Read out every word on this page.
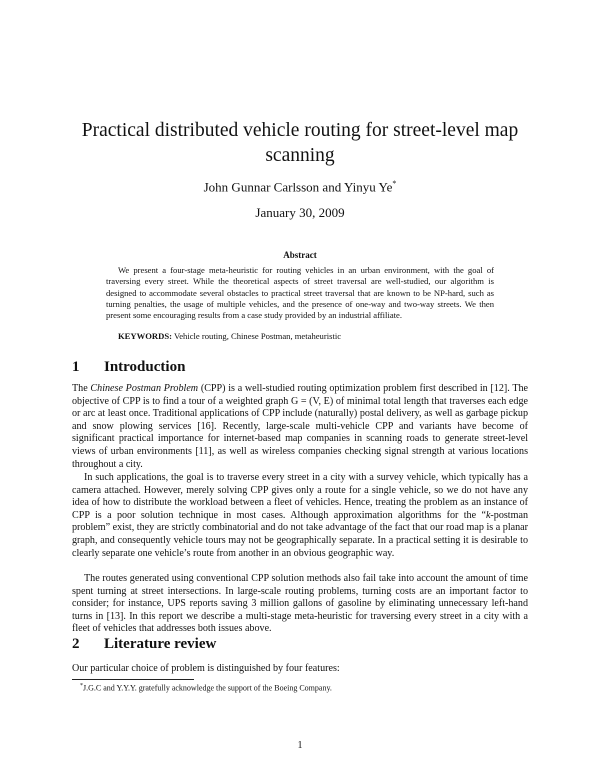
Practical distributed vehicle routing for street-level map scanning
John Gunnar Carlsson and Yinyu Ye*
January 30, 2009
Abstract

We present a four-stage meta-heuristic for routing vehicles in an urban environment, with the goal of traversing every street. While the theoretical aspects of street traversal are well-studied, our algorithm is designed to accommodate several obstacles to practical street traversal that are known to be NP-hard, such as turning penalties, the usage of multiple vehicles, and the presence of one-way and two-way streets. We then present some encouraging results from a case study provided by an industrial affiliate.

KEYWORDS: Vehicle routing, Chinese Postman, metaheuristic
1 Introduction

The Chinese Postman Problem (CPP) is a well-studied routing optimization problem first described in [12]. The objective of CPP is to find a tour of a weighted graph G = (V, E) of minimal total length that traverses each edge or arc at least once. Traditional applications of CPP include (naturally) postal delivery, as well as garbage pickup and snow plowing services [16]. Recently, large-scale multi-vehicle CPP and variants have become of significant practical importance for internet-based map companies in scanning roads to generate street-level views of urban environments [11], as well as wireless companies checking signal strength at various locations throughout a city.

In such applications, the goal is to traverse every street in a city with a survey vehicle, which typically has a camera attached. However, merely solving CPP gives only a route for a single vehicle, so we do not have any idea of how to distribute the workload between a fleet of vehicles. Hence, treating the problem as an instance of CPP is a poor solution technique in most cases. Although approximation algorithms for the “k-postman problem” exist, they are strictly combinatorial and do not take advantage of the fact that our road map is a planar graph, and consequently vehicle tours may not be geographically separate. In a practical setting it is desirable to clearly separate one vehicle’s route from another in an obvious geographic way.

The routes generated using conventional CPP solution methods also fail take into account the amount of time spent turning at street intersections. In large-scale routing problems, turning costs are an important factor to consider; for instance, UPS reports saving 3 million gallons of gasoline by eliminating unnecessary left-hand turns in [13]. In this report we describe a multi-stage meta-heuristic for traversing every street in a city with a fleet of vehicles that addresses both issues above.

2 Literature review

Our particular choice of problem is distinguished by four features:

*J.G.C and Y.Y.Y. gratefully acknowledge the support of the Boeing Company.
1
